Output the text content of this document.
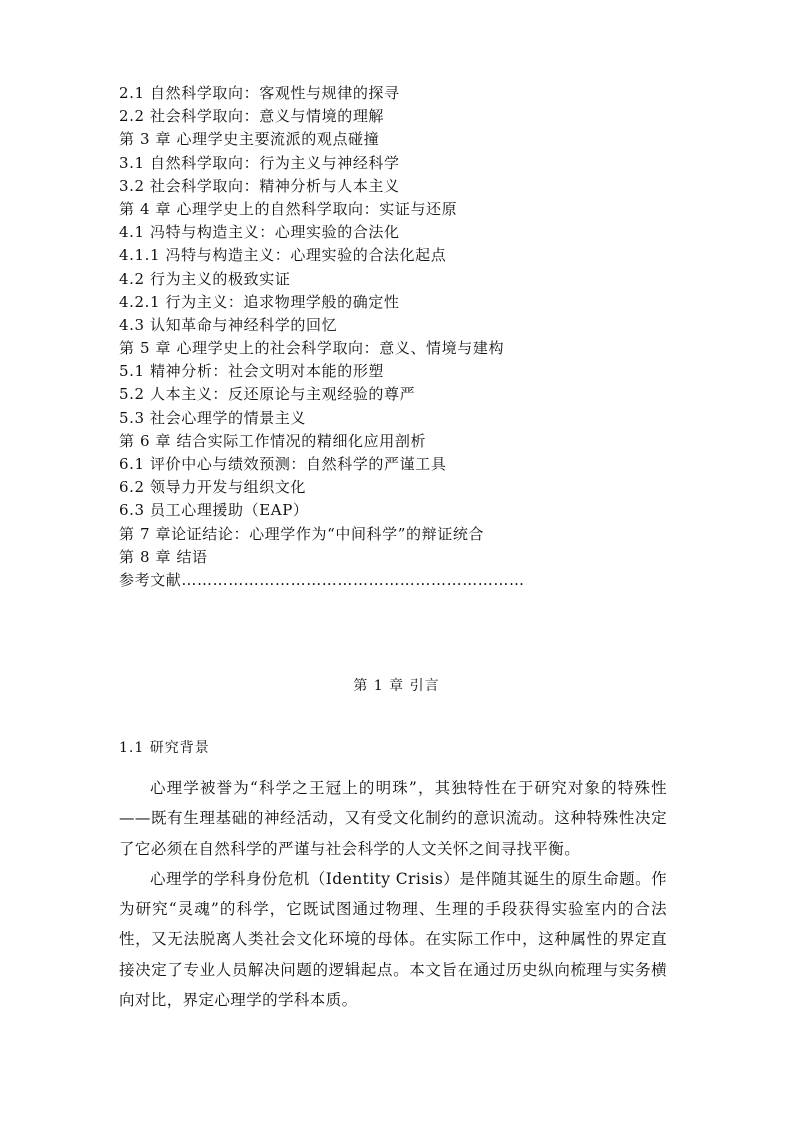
2.1 自然科学取向：客观性与规律的探寻
2.2 社会科学取向：意义与情境的理解
第 3 章 心理学史主要流派的观点碰撞
3.1 自然科学取向：行为主义与神经科学
3.2 社会科学取向：精神分析与人本主义
第 4 章 心理学史上的自然科学取向：实证与还原
4.1 冯特与构造主义：心理实验的合法化
4.1.1 冯特与构造主义：心理实验的合法化起点
4.2 行为主义的极致实证
4.2.1 行为主义：追求物理学般的确定性
4.3 认知革命与神经科学的回忆
第 5 章 心理学史上的社会科学取向：意义、情境与建构
5.1 精神分析：社会文明对本能的形塑
5.2 人本主义：反还原论与主观经验的尊严
5.3 社会心理学的情景主义
第 6 章 结合实际工作情况的精细化应用剖析
6.1 评价中心与绩效预测：自然科学的严谨工具
6.2 领导力开发与组织文化
6.3 员工心理援助（EAP）
第 7 章论证结论：心理学作为“中间科学”的辩证统合
第 8 章 结语
参考文献…………………………………………………………
第 1 章 引言
1.1 研究背景

心理学被誉为“科学之王冠上的明珠”，其独特性在于研究对象的特殊性——既有生理基础的神经活动，又有受文化制约的意识流动。这种特殊性决定了它必须在自然科学的严谨与社会科学的人文关怀之间寻找平衡。

心理学的学科身份危机（Identity Crisis）是伴随其诞生的原生命题。作为研究“灵魂”的科学，它既试图通过物理、生理的手段获得实验室内的合法性，又无法脱离人类社会文化环境的母体。在实际工作中，这种属性的界定直接决定了专业人员解决问题的逻辑起点。本文旨在通过历史纵向梳理与实务横向对比，界定心理学的学科本质。
